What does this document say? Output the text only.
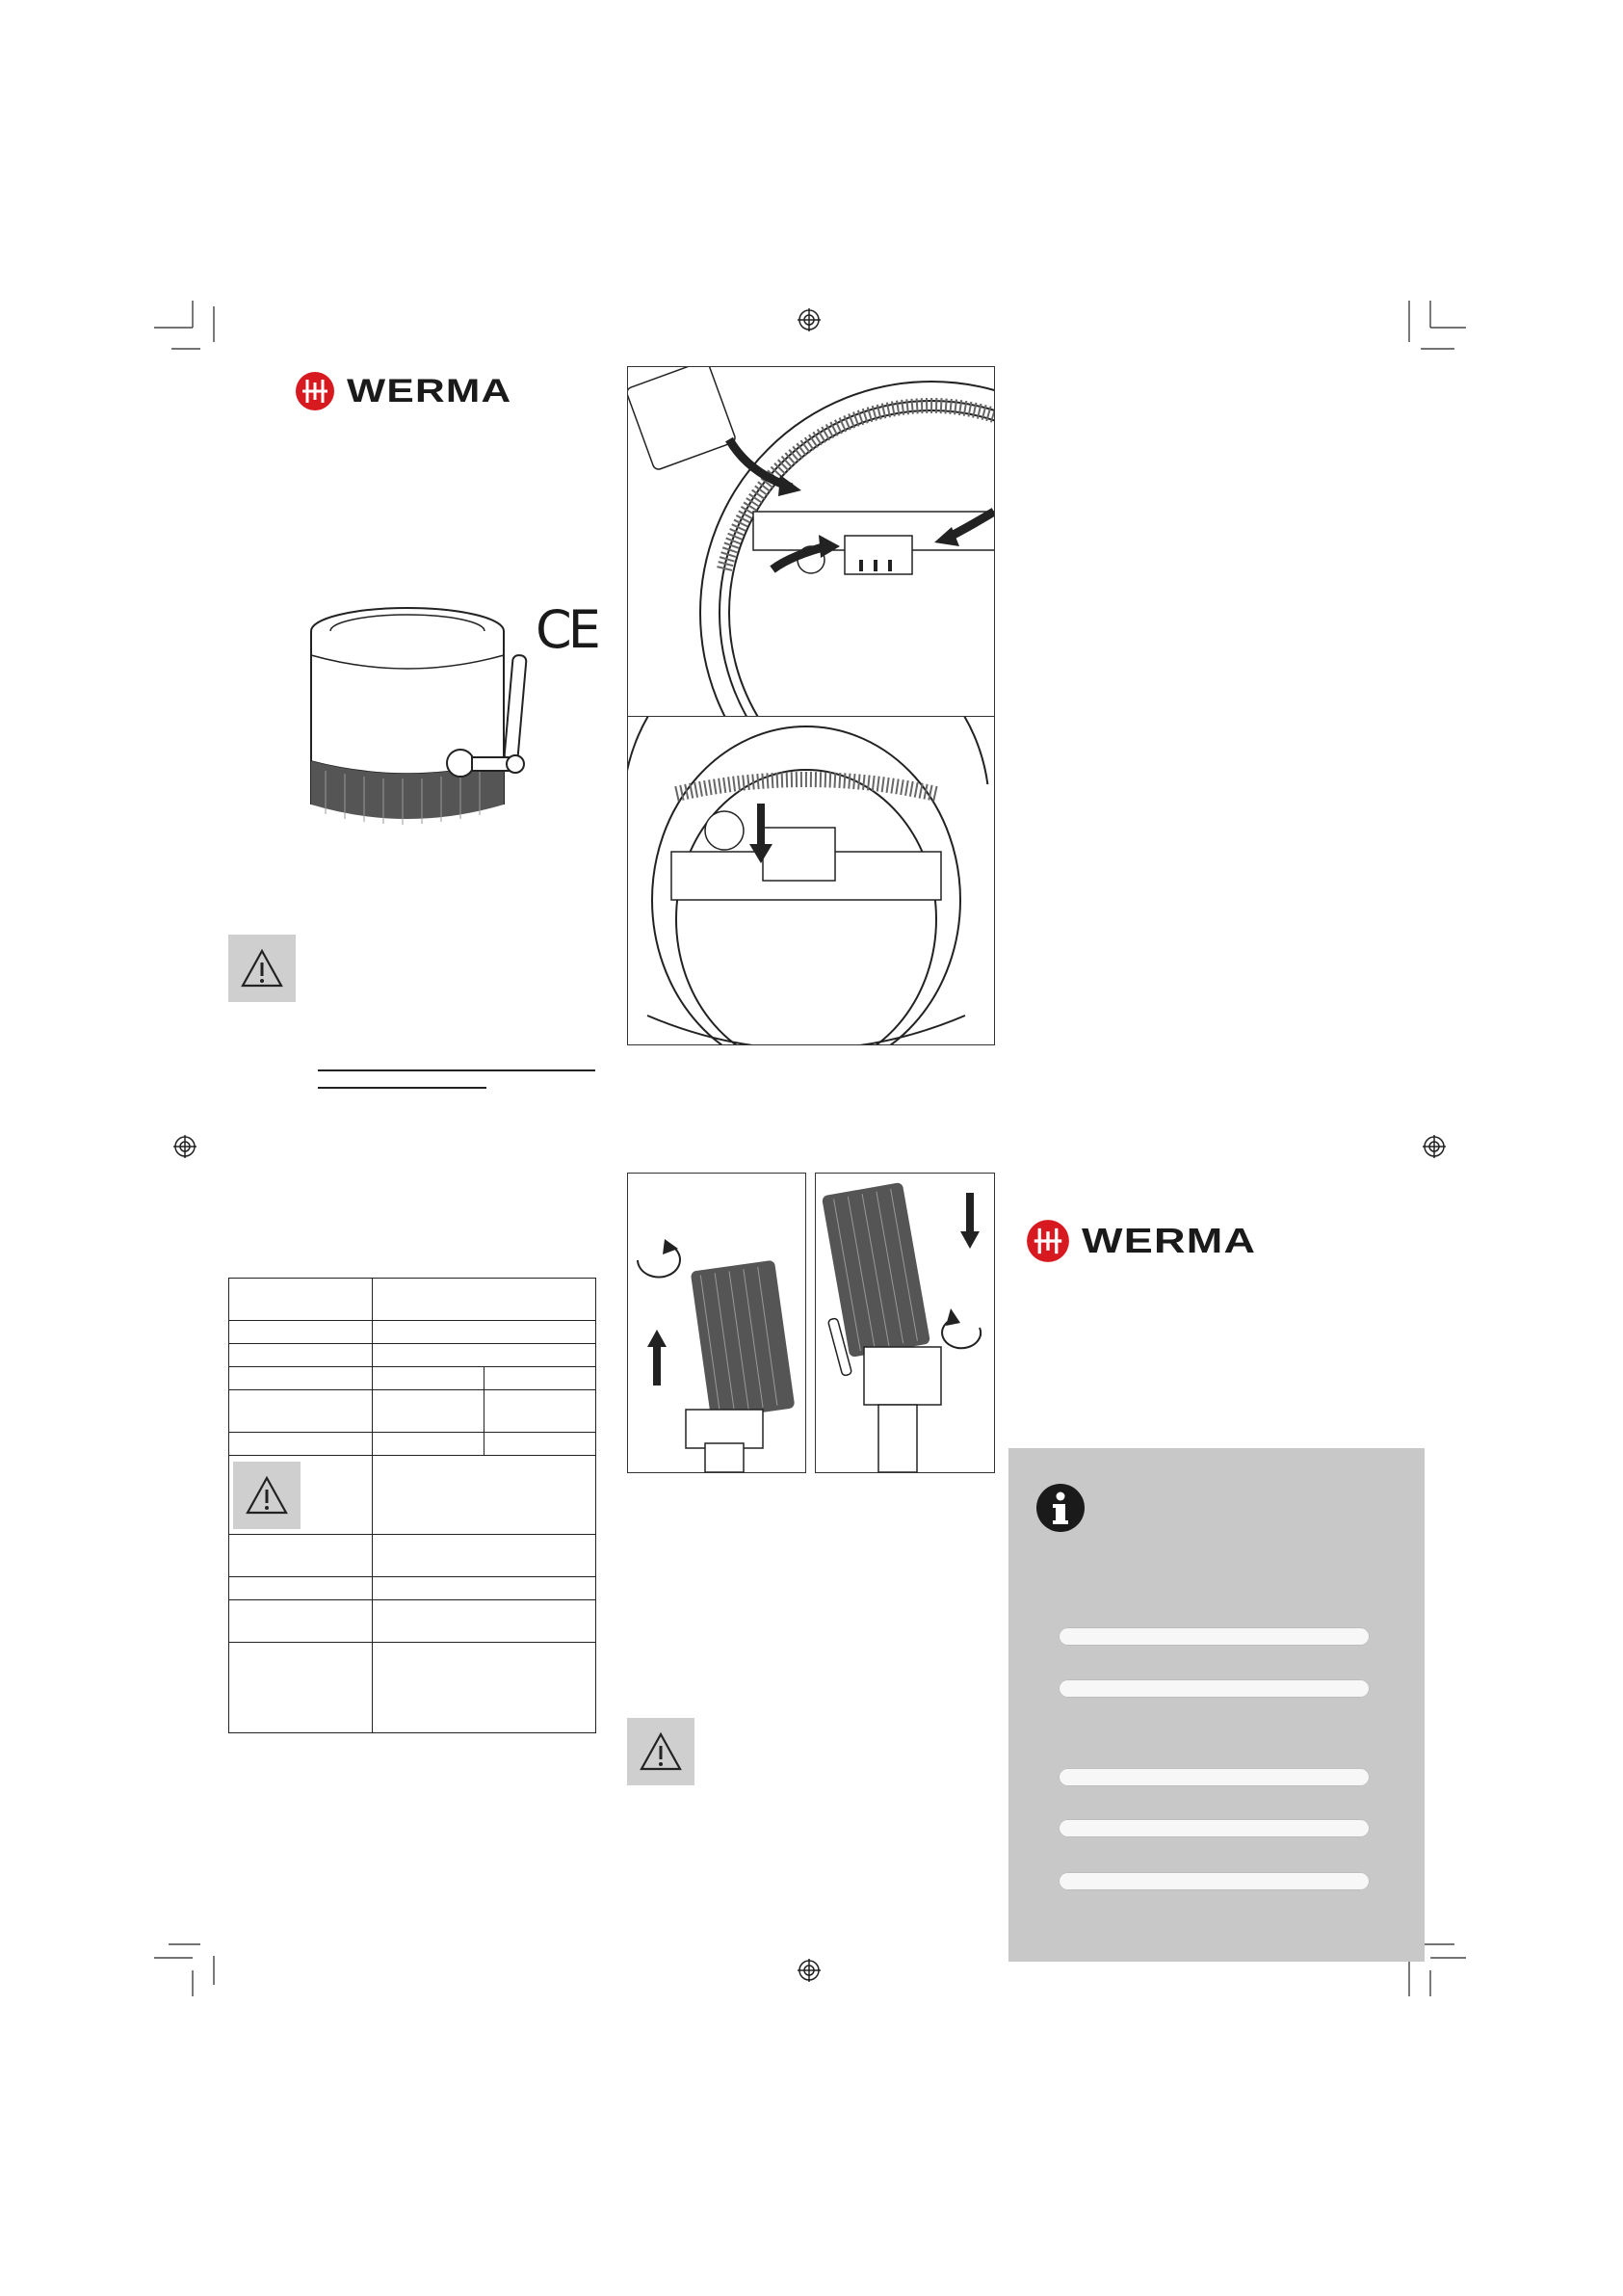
WERMA
CE

WERMA
